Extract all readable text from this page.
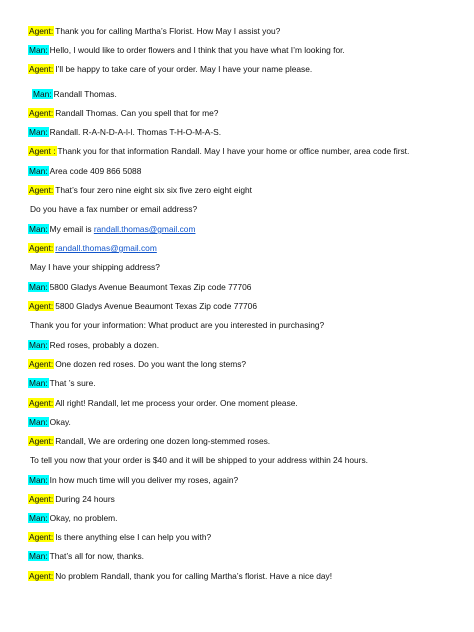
Agent: Thank you for calling Martha’s Florist. How May I assist you?
Man: Hello, I would like to order flowers and I think that you have what I’m looking for.
Agent: I’ll be happy to take care of your order. May I have your name please.
Man: Randall Thomas.
Agent: Randall Thomas. Can you spell that for me?
Man: Randall. R-A-N-D-A-l-l. Thomas T-H-O-M-A-S.
Agent : Thank you for that information Randall. May I have your home or office number, area code first.
Man: Area code 409 866 5088
Agent: That’s four zero nine eight six six five zero eight eight
Do you have a fax number or email address?
Man: My email is randall.thomas@gmail.com
Agent: randall.thomas@gmail.com
May I have your shipping address?
Man: 5800 Gladys Avenue Beaumont Texas Zip code 77706
Agent: 5800 Gladys Avenue Beaumont Texas Zip code 77706
Thank you for your information: What product are you interested in purchasing?
Man: Red roses, probably a dozen.
Agent: One dozen red roses. Do you want the long stems?
Man: That ’s sure.
Agent: All right! Randall, let me process your order. One moment please.
Man: Okay.
Agent: Randall, We are ordering one dozen long-stemmed roses.
To tell you now that your order is $40 and it will be shipped to your address within 24 hours.
Man: In how much time will you deliver my roses, again?
Agent: During 24 hours
Man: Okay, no problem.
Agent: Is there anything else I can help you with?
Man: That’s all for now, thanks.
Agent: No problem Randall, thank you for calling Martha’s florist. Have a nice day!
